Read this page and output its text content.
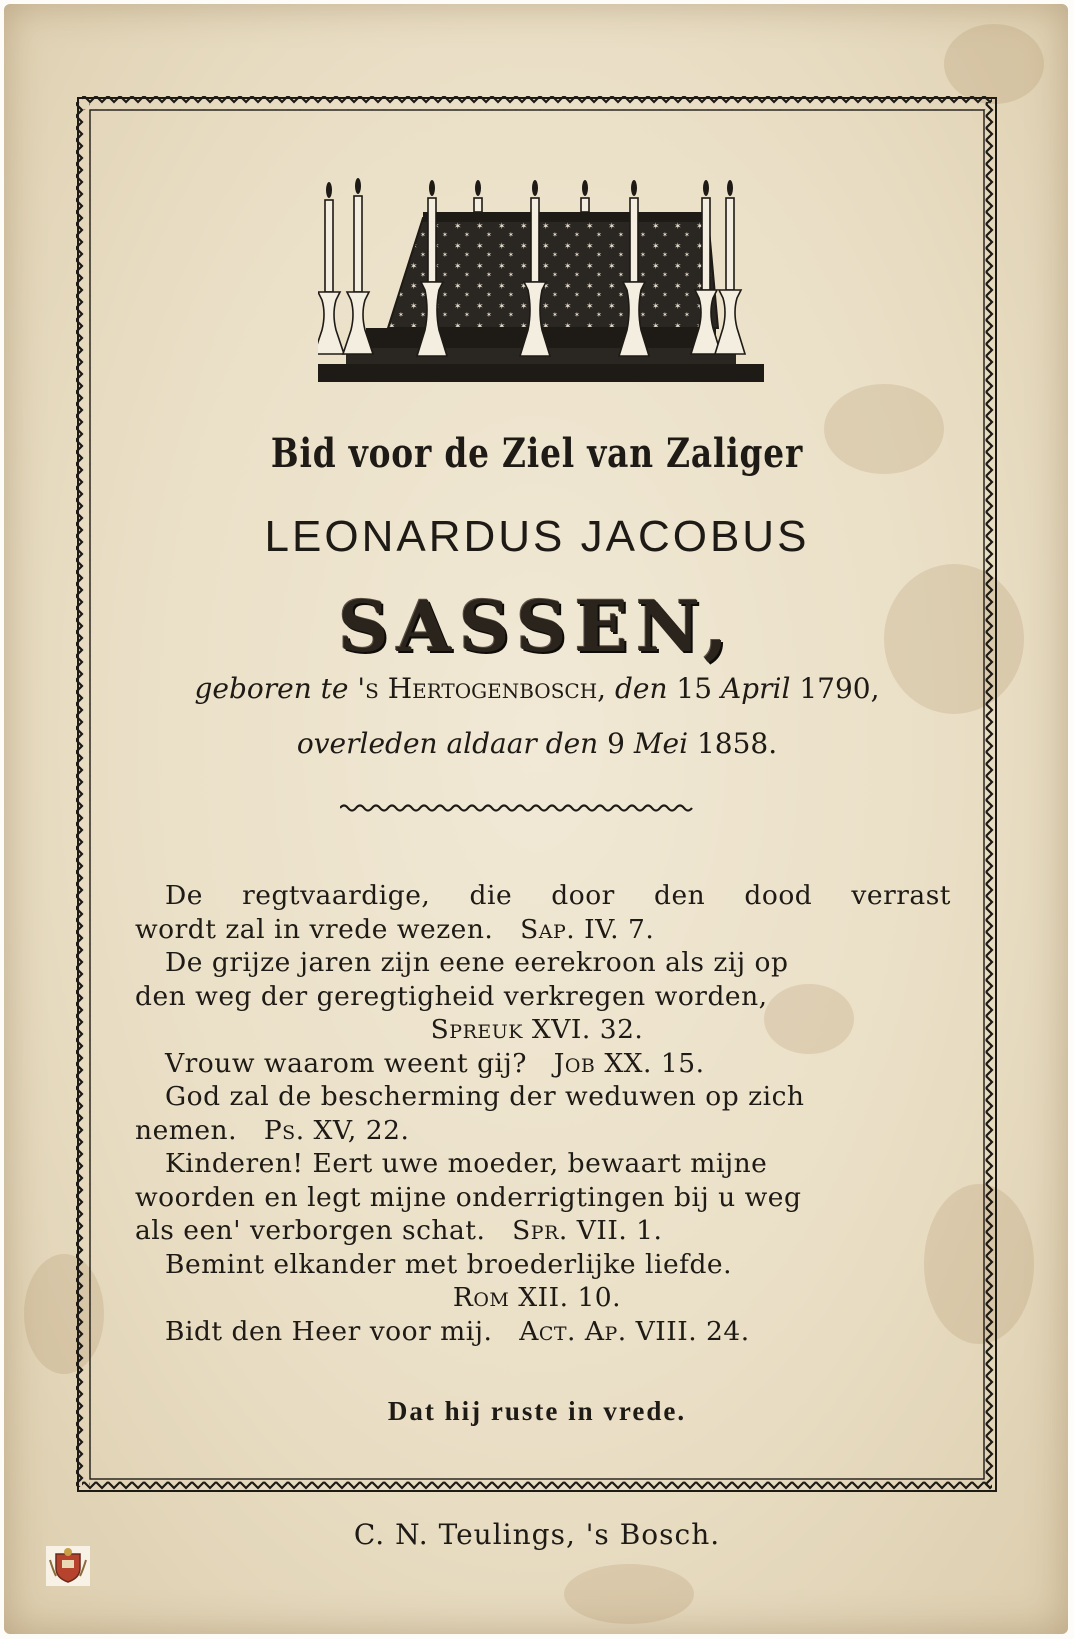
Bid voor de Ziel van Zaliger
LEONARDUS JACOBUS
SASSEN,
geboren te 's Hertogenbosch, den 15 April 1790,
overleden aldaar den 9 Mei 1858.
De regtvaardige, die door den dood verrast
wordt zal in vrede wezen. Sap. IV. 7.
De grijze jaren zijn eene eerekroon als zij op
den weg der geregtigheid verkregen worden,
Spreuk XVI. 32.
Vrouw waarom weent gij? Job XX. 15.
God zal de bescherming der weduwen op zich
nemen. Ps. XV, 22.
Kinderen! Eert uwe moeder, bewaart mijne
woorden en legt mijne onderrigtingen bij u weg
als een' verborgen schat. Spr. VII. 1.
Bemint elkander met broederlijke liefde.
Rom XII. 10.
Bidt den Heer voor mij. Act. Ap. VIII. 24.
Dat hij ruste in vrede.
C. N. Teulings, 's Bosch.
